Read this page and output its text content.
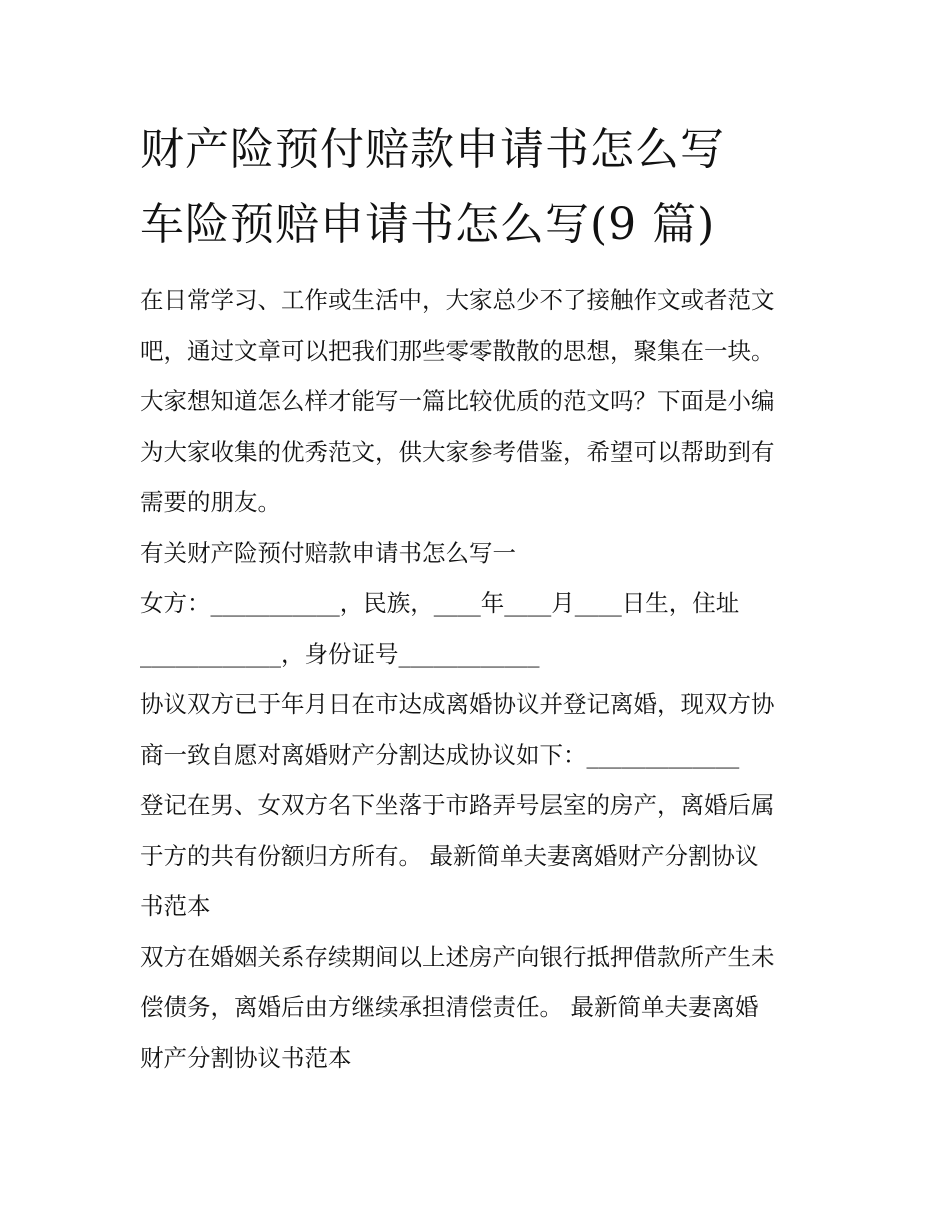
财产险预付赔款申请书怎么写
车险预赔申请书怎么写(9 篇)

在日常学习、工作或生活中，大家总少不了接触作文或者范文
吧，通过文章可以把我们那些零零散散的思想，聚集在一块。
大家想知道怎么样才能写一篇比较优质的范文吗？下面是小编
为大家收集的优秀范文，供大家参考借鉴，希望可以帮助到有
需要的朋友。

有关财产险预付赔款申请书怎么写一

女方：___________，民族，____年____月____日生，住址
____________，身份证号____________

协议双方已于年月日在市达成离婚协议并登记离婚，现双方协
商一致自愿对离婚财产分割达成协议如下：_____________

登记在男、女双方名下坐落于市路弄号层室的房产，离婚后属
于方的共有份额归方所有。 最新简单夫妻离婚财产分割协议
书范本

双方在婚姻关系存续期间以上述房产向银行抵押借款所产生未
偿债务，离婚后由方继续承担清偿责任。 最新简单夫妻离婚
财产分割协议书范本
